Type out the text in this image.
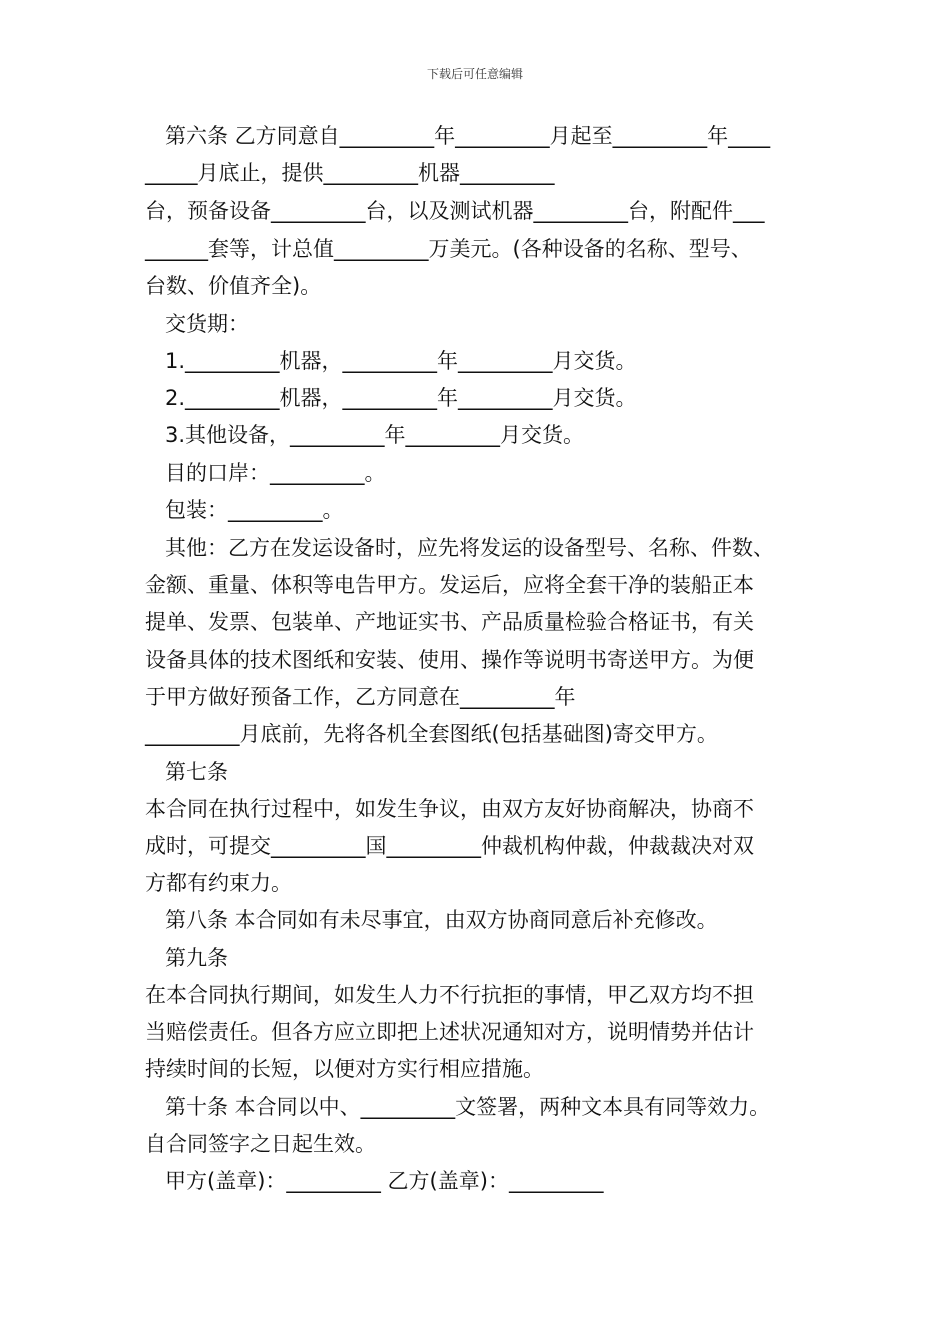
下载后可任意编辑
第六条 乙方同意自_________年_________月起至_________年____
_____月底止，提供_________机器_________
台，预备设备_________台，以及测试机器_________台，附配件___
______套等，计总值_________万美元。(各种设备的名称、型号、
台数、价值齐全)。
交货期：
1._________机器，_________年_________月交货。
2._________机器，_________年_________月交货。
3.其他设备，_________年_________月交货。
目的口岸：_________。
包装：_________。
其他：乙方在发运设备时，应先将发运的设备型号、名称、件数、
金额、重量、体积等电告甲方。发运后，应将全套干净的装船正本
提单、发票、包装单、产地证实书、产品质量检验合格证书，有关
设备具体的技术图纸和安装、使用、操作等说明书寄送甲方。为便
于甲方做好预备工作，乙方同意在_________年
_________月底前，先将各机全套图纸(包括基础图)寄交甲方。
第七条
本合同在执行过程中，如发生争议，由双方友好协商解决，协商不
成时，可提交_________国_________仲裁机构仲裁，仲裁裁决对双
方都有约束力。
第八条 本合同如有未尽事宜，由双方协商同意后补充修改。
第九条
在本合同执行期间，如发生人力不行抗拒的事情，甲乙双方均不担
当赔偿责任。但各方应立即把上述状况通知对方，说明情势并估计
持续时间的长短，以便对方实行相应措施。
第十条 本合同以中、_________文签署，两种文本具有同等效力。
自合同签字之日起生效。
甲方(盖章)：_________ 乙方(盖章)：_________
